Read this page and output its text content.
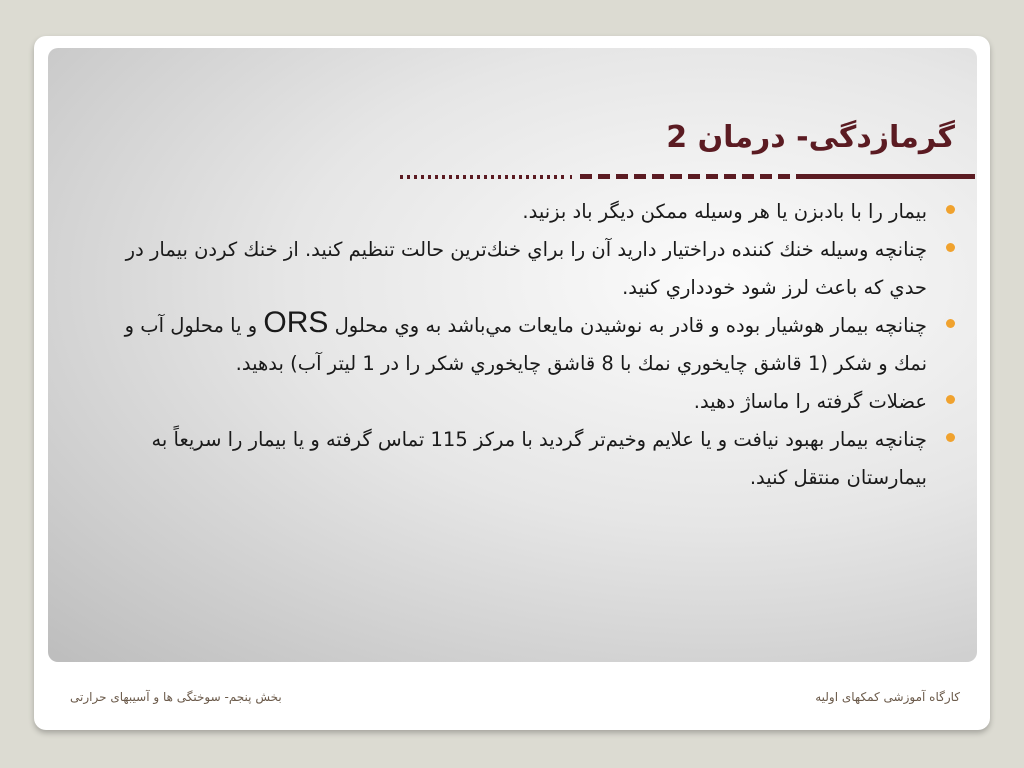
گرمازدگی- درمان 2
بيمار را با بادبزن يا هر وسيله ممكن ديگر باد بزنيد.
چنانچه وسيله خنك كننده دراختيار داريد آن را براي خنك‌ترين حالت تنظيم كنيد. از خنك كردن بيمار در حدي كه باعث لرز شود خودداري كنيد.
چنانچه بيمار هوشيار بوده و قادر به نوشيدن مايعات مي‌باشد به وي محلول ORS و يا محلول آب و نمك و شكر (1 قاشق چايخوري نمك با 8 قاشق چايخوري شكر را در 1 ليتر آب) بدهيد.
عضلات گرفته را ماساژ دهيد.
چنانچه بيمار بهبود نيافت و يا علايم وخيم‌تر گرديد با مركز 115 تماس گرفته و يا بيمار را سريعاً به بيمارستان منتقل كنيد.
کارگاه آموزشی کمکهای اولیه
بخش پنجم- سوختگی ها و آسیبهای حرارتی
